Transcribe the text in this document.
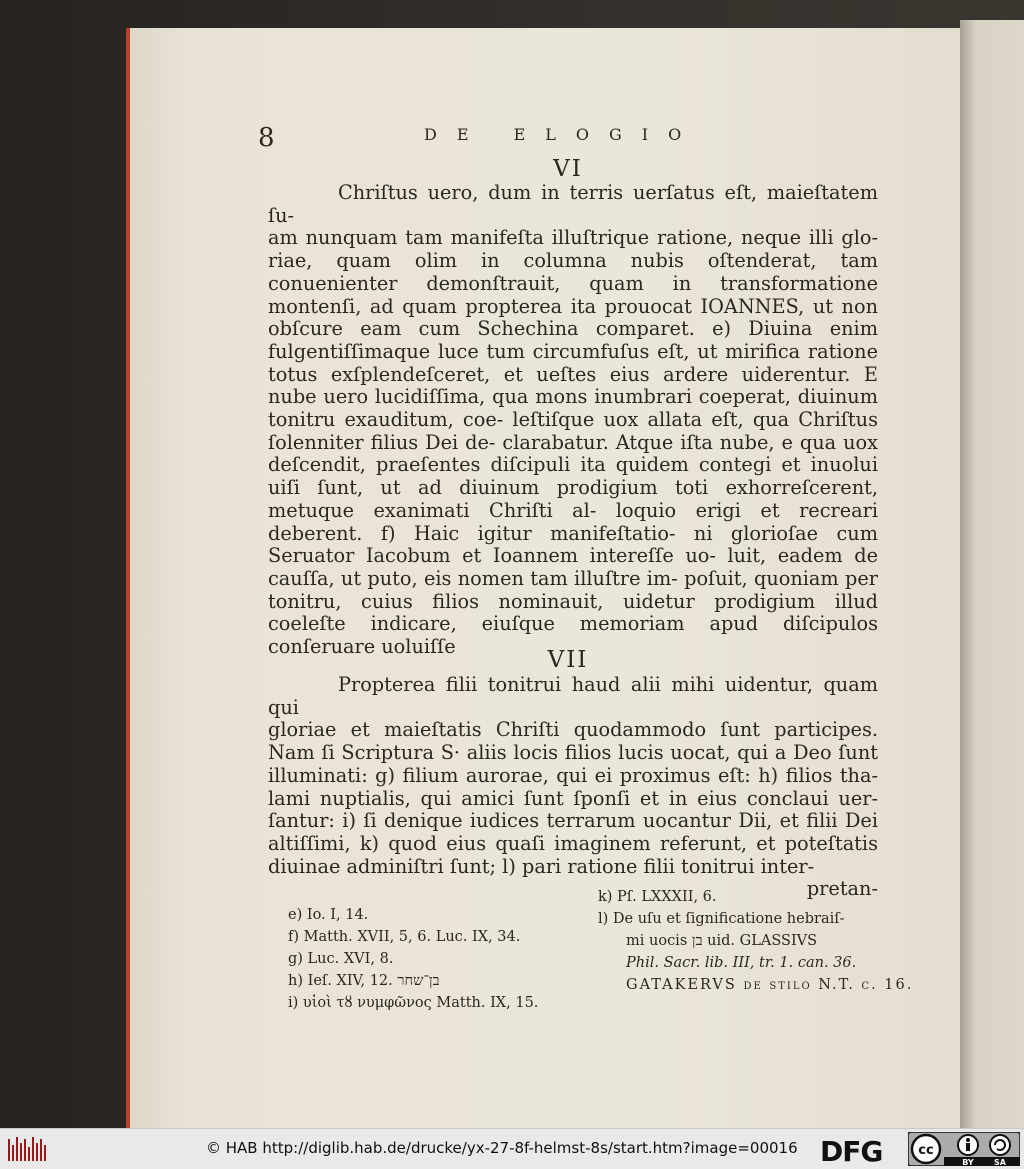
8	DE ELOGIO
VI

Chriſtus uero, dum in terris uerſatus eſt, maieſtatem ſu-
am nunquam tam manifeſta illuſtrique ratione, neque illi glo- riae, quam olim in columna nubis oſtenderat, tam conuenienter demonſtrauit, quam in transformatione montenſi, ad quam propterea ita prouocat IOANNES, ut non obſcure eam cum Schechina comparet. e) Diuina enim fulgentiſſimaque luce tum circumfuſus eſt, ut mirifica ratione totus exſplendeſceret, et ueſtes eius ardere uiderentur. E nube uero lucidiſſima, qua mons inumbrari coeperat, diuinum tonitru exauditum, coe- leſtiſque uox allata eſt, qua Chriſtus ſolenniter filius Dei de- clarabatur. Atque iſta nube, e qua uox deſcendit, praeſentes diſcipuli ita quidem contegi et inuolui uiſi ſunt, ut ad diuinum prodigium toti exhorreſcerent, metuque exanimati Chriſti al- loquio erigi et recreari deberent. f) Haic igitur manifeſtatio- ni glorioſae cum Seruator Iacobum et Ioannem intereſſe uo- luit, eadem de cauſſa, ut puto, eis nomen tam illuſtre im- poſuit, quoniam per tonitru, cuius filios nominauit, uidetur prodigium illud coeleſte indicare, eiuſque memoriam apud diſcipulos conſeruare uoluiſſe

VII

Propterea filii tonitrui haud alii mihi uidentur, quam qui
gloriae et maieſtatis Chriſti quodammodo ſunt participes. Nam ſi Scriptura S· aliis locis filios lucis uocat, qui a Deo ſunt illuminati: g) filium aurorae, qui ei proximus eſt: h) filios tha- lami nuptialis, qui amici ſunt ſponſi et in eius conclaui uer- ſantur: i) ſi denique iudices terrarum uocantur Dii, et filii Dei altiſſimi, k) quod eius quaſi imaginem referunt, et poteſtatis diuinae adminiſtri ſunt; l) pari ratione filii tonitrui inter-
pretan-

e) Io. I, 14.
f) Matth. XVII, 5, 6. Luc. IX, 34.
g) Luc. XVI, 8.
h) Ieſ. XIV, 12. בן־שחר
i) υἱοὶ τȣ νυμφῶνος Matth. IX, 15.
k) Pſ. LXXXII, 6.
l) De uſu et ſignificatione hebraiſ-
mi uocis בן uid. GLASSIVS
Phil. Sacr. lib. III, tr. 1. can. 36.
GATAKERVS de ſtilo N.T. c. 16.
© HAB http://diglib.hab.de/drucke/yx-27-8f-helmst-8s/start.htm?image=00016 DFG	cc
BY	SA
